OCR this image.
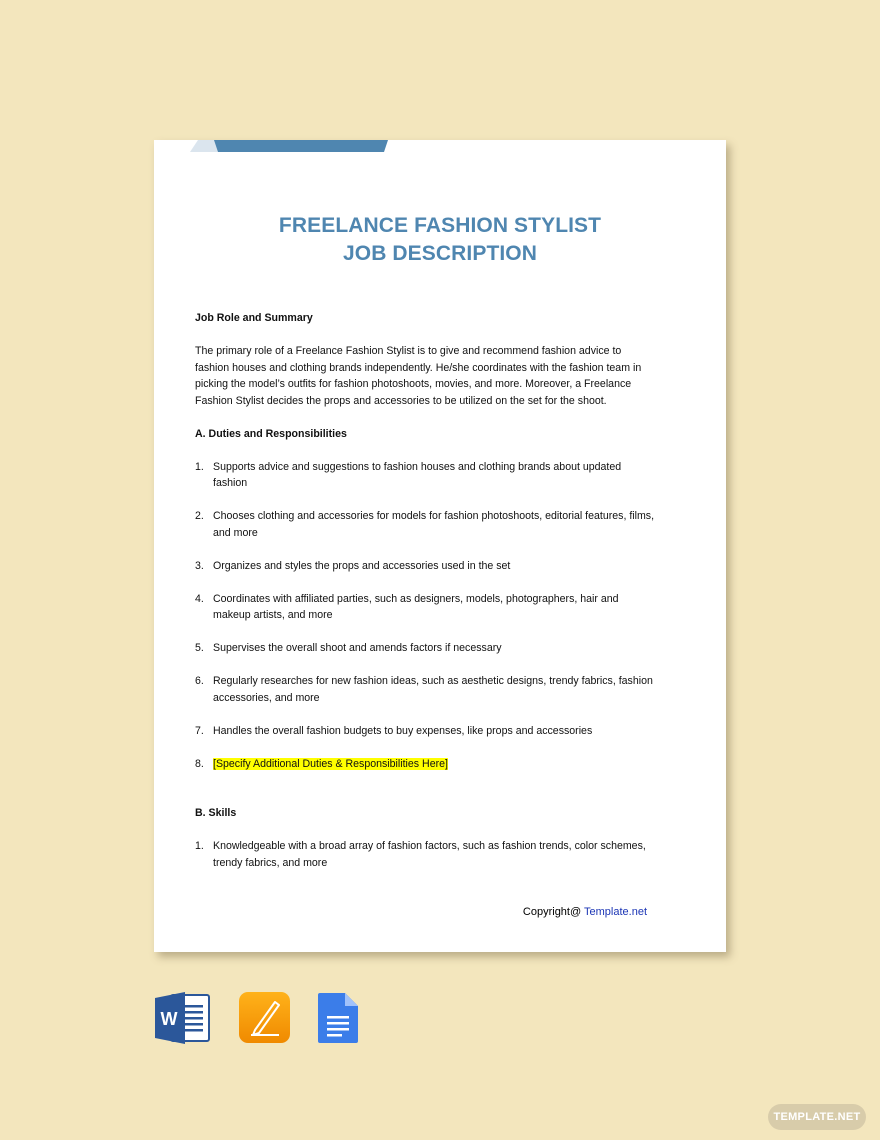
FREELANCE FASHION STYLIST
JOB DESCRIPTION

Job Role and Summary

The primary role of a Freelance Fashion Stylist is to give and recommend fashion advice to fashion houses and clothing brands independently. He/she coordinates with the fashion team in picking the model’s outfits for fashion photoshoots, movies, and more. Moreover, a Freelance Fashion Stylist decides the props and accessories to be utilized on the set for the shoot.

A. Duties and Responsibilities

1. Supports advice and suggestions to fashion houses and clothing brands about updated fashion
2. Chooses clothing and accessories for models for fashion photoshoots, editorial features, films, and more
3. Organizes and styles the props and accessories used in the set
4. Coordinates with affiliated parties, such as designers, models, photographers, hair and makeup artists, and more
5. Supervises the overall shoot and amends factors if necessary
6. Regularly researches for new fashion ideas, such as aesthetic designs, trendy fabrics, fashion accessories, and more
7. Handles the overall fashion budgets to buy expenses, like props and accessories
8. [Specify Additional Duties & Responsibilities Here]

B. Skills

1. Knowledgeable with a broad array of fashion factors, such as fashion trends, color schemes, trendy fabrics, and more
Copyright@ Template.net
W
TEMPLATE.NET
